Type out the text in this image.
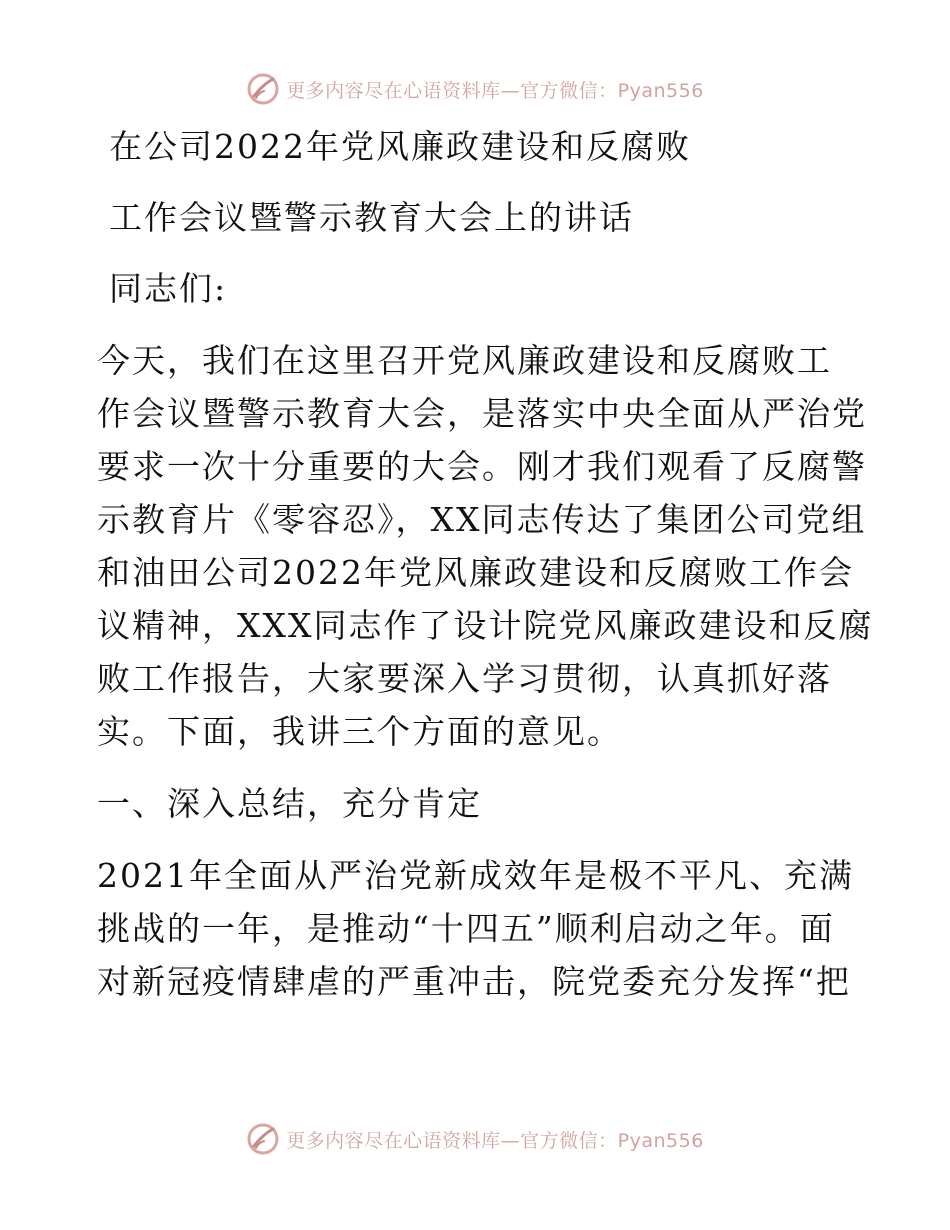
更多内容尽在心语资料库—官方微信：Pyan556

在公司2022年党风廉政建设和反腐败

工作会议暨警示教育大会上的讲话

同志们:

今天，我们在这里召开党风廉政建设和反腐败工

作会议暨警示教育大会，是落实中央全面从严治党

要求一次十分重要的大会。刚才我们观看了反腐警

示教育片《零容忍》，XX同志传达了集团公司党组

和油田公司2022年党风廉政建设和反腐败工作会

议精神，XXX同志作了设计院党风廉政建设和反腐

败工作报告，大家要深入学习贯彻，认真抓好落

实。下面，我讲三个方面的意见。

一、深入总结，充分肯定

2021年全面从严治党新成效年是极不平凡、充满

挑战的一年，是推动“十四五”顺利启动之年。面

对新冠疫情肆虐的严重冲击，院党委充分发挥“把

更多内容尽在心语资料库—官方微信：Pyan556
